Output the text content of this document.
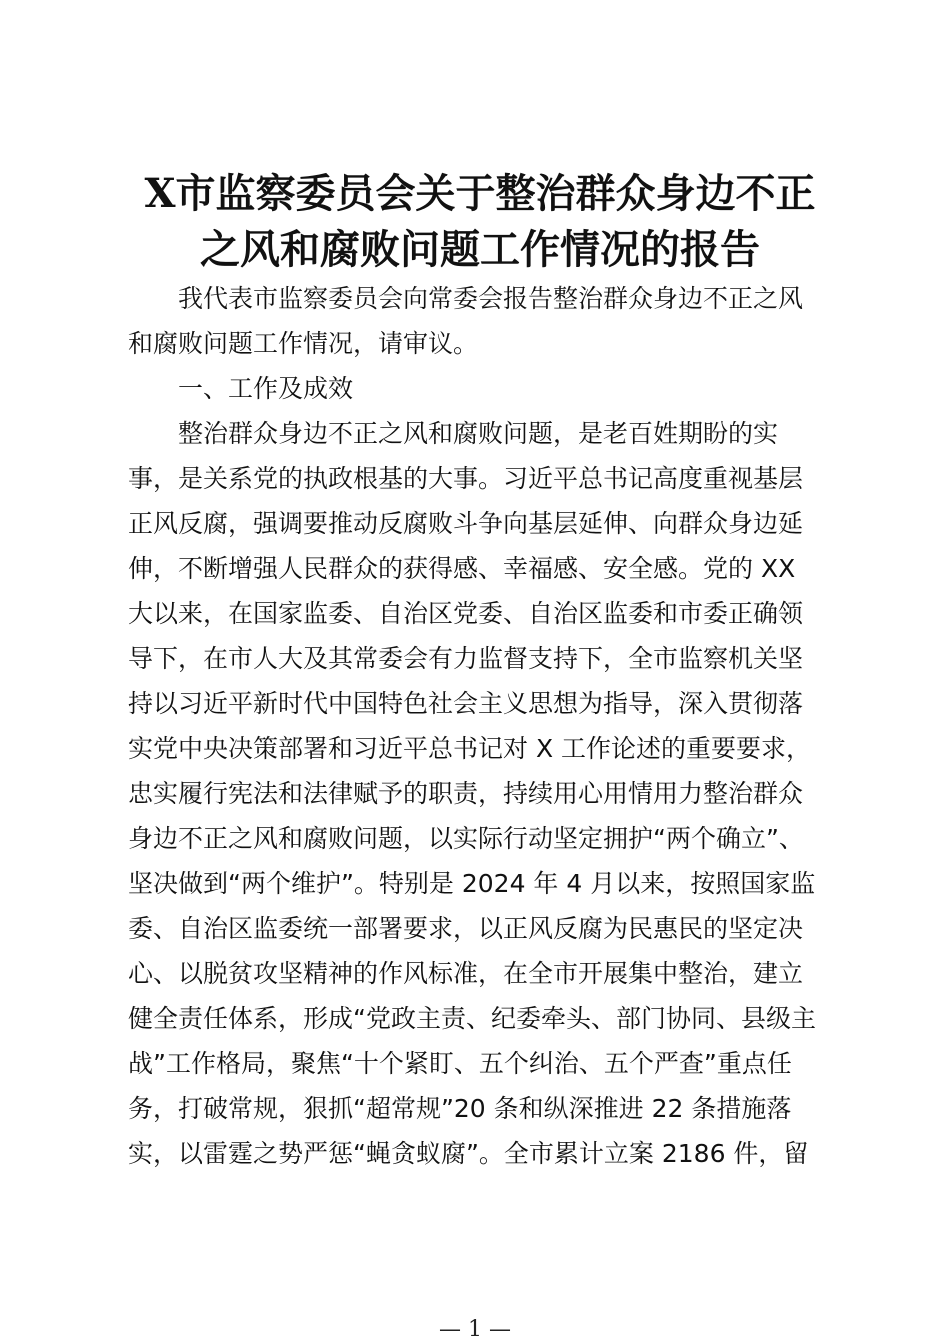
X市监察委员会关于整治群众身边不正
之风和腐败问题工作情况的报告
我代表市监察委员会向常委会报告整治群众身边不正之风
和腐败问题工作情况，请审议。
一、工作及成效
整治群众身边不正之风和腐败问题，是老百姓期盼的实
事，是关系党的执政根基的大事。习近平总书记高度重视基层
正风反腐，强调要推动反腐败斗争向基层延伸、向群众身边延
伸，不断增强人民群众的获得感、幸福感、安全感。党的 XX
大以来，在国家监委、自治区党委、自治区监委和市委正确领
导下，在市人大及其常委会有力监督支持下，全市监察机关坚
持以习近平新时代中国特色社会主义思想为指导，深入贯彻落
实党中央决策部署和习近平总书记对 X 工作论述的重要要求，
忠实履行宪法和法律赋予的职责，持续用心用情用力整治群众
身边不正之风和腐败问题，以实际行动坚定拥护“两个确立”、
坚决做到“两个维护”。特别是 2024 年 4 月以来，按照国家监
委、自治区监委统一部署要求，以正风反腐为民惠民的坚定决
心、以脱贫攻坚精神的作风标准，在全市开展集中整治，建立
健全责任体系，形成“党政主责、纪委牵头、部门协同、县级主
战”工作格局，聚焦“十个紧盯、五个纠治、五个严查”重点任
务，打破常规，狠抓“超常规”20 条和纵深推进 22 条措施落
实，以雷霆之势严惩“蝇贪蚁腐”。全市累计立案 2186 件，留
— 1 —
